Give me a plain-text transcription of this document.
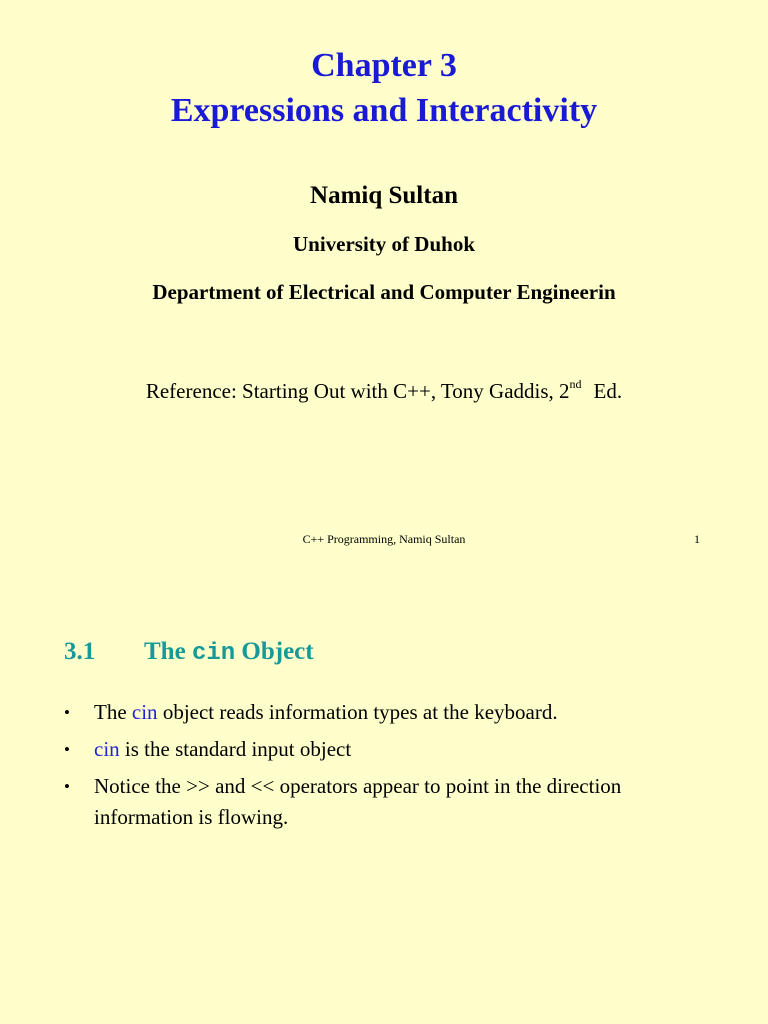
Chapter 3
Expressions and Interactivity
Namiq Sultan
University of Duhok
Department of Electrical and Computer Engineerin
Reference: Starting Out with C++, Tony Gaddis, 2nd Ed.
C++ Programming, Namiq Sultan	1
3.1 The cin Object
• The cin object reads information types at the keyboard.
• cin is the standard input object
• Notice the >> and << operators appear to point in the direction information is flowing.
